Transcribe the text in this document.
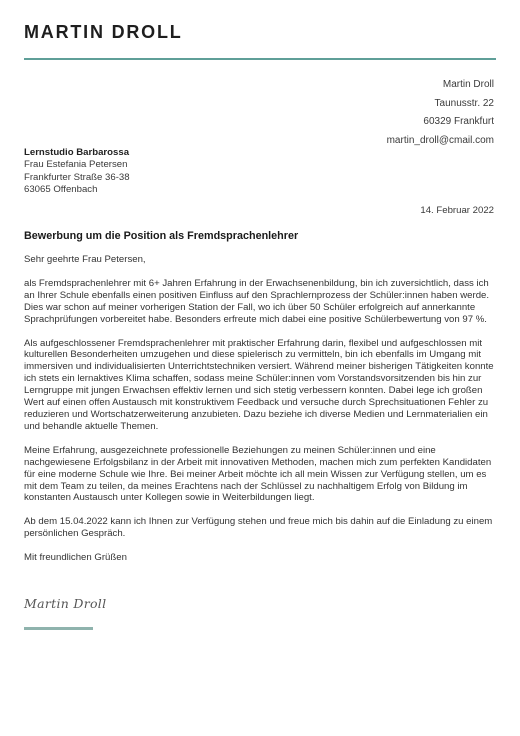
MARTIN DROLL
Martin Droll
Taunusstr. 22
60329 Frankfurt
martin_droll@cmail.com
Lernstudio Barbarossa
Frau Estefania Petersen
Frankfurter Straße 36-38
63065 Offenbach
14. Februar 2022
Bewerbung um die Position als Fremdsprachenlehrer

Sehr geehrte Frau Petersen,

als Fremdsprachenlehrer mit 6+ Jahren Erfahrung in der Erwachsenenbildung, bin ich zuversichtlich, dass ich an Ihrer Schule ebenfalls einen positiven Einfluss auf den Sprachlernprozess der Schüler:innen haben werde. Dies war schon auf meiner vorherigen Station der Fall, wo ich über 50 Schüler erfolgreich auf annerkannte Sprachprüfungen vorbereitet habe. Besonders erfreute mich dabei eine positive Schülerbewertung von 97 %.

Als aufgeschlossener Fremdsprachenlehrer mit praktischer Erfahrung darin, flexibel und aufgeschlossen mit kulturellen Besonderheiten umzugehen und diese spielerisch zu vermitteln, bin ich ebenfalls im Umgang mit immersiven und individualisierten Unterrichtstechniken versiert. Während meiner bisherigen Tätigkeiten konnte ich stets ein lernaktives Klima schaffen, sodass meine Schüler:innen vom Vorstandsvorsitzenden bis hin zur Lerngruppe mit jungen Erwachsen effektiv lernen und sich stetig verbessern konnten. Dabei lege ich großen Wert auf einen offen Austausch mit konstruktivem Feedback und versuche durch Sprechsituationen Fehler zu reduzieren und Wortschatzerweiterung anzubieten. Dazu beziehe ich diverse Medien und Lernmaterialien ein und behandle aktuelle Themen.

Meine Erfahrung, ausgezeichnete professionelle Beziehungen zu meinen Schüler:innen und eine nachgewiesene Erfolgsbilanz in der Arbeit mit innovativen Methoden, machen mich zum perfekten Kandidaten für eine moderne Schule wie Ihre. Bei meiner Arbeit möchte ich all mein Wissen zur Verfügung stellen, um es mit dem Team zu teilen, da meines Erachtens nach der Schlüssel zu nachhaltigem Erfolg von Bildung im konstanten Austausch unter Kollegen sowie in Weiterbildungen liegt.

Ab dem 15.04.2022 kann ich Ihnen zur Verfügung stehen und freue mich bis dahin auf die Einladung zu einem persönlichen Gespräch.

Mit freundlichen Grüßen

Martin Droll
